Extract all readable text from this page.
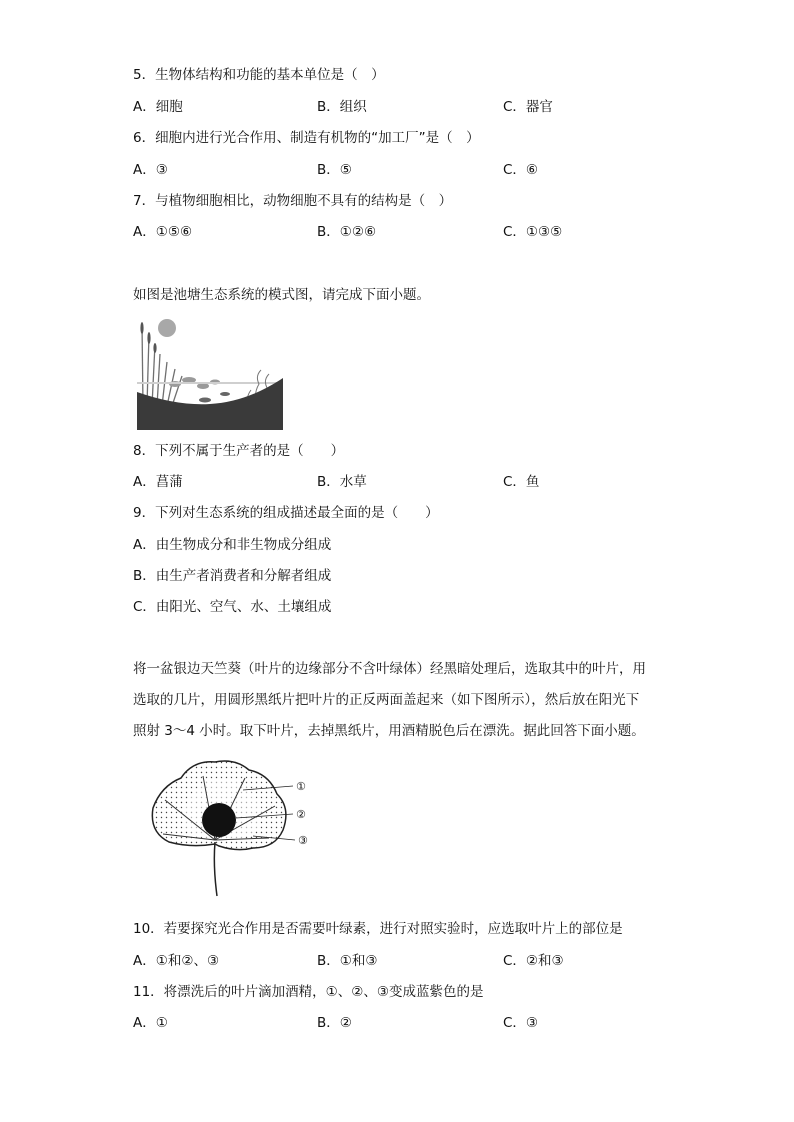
5．生物体结构和功能的基本单位是（　）
A．细胞	B．组织	C．器官
6．细胞内进行光合作用、制造有机物的“加工厂”是（　）
A．③	B．⑤	C．⑥
7．与植物细胞相比，动物细胞不具有的结构是（　）
A．①⑤⑥	B．①②⑥	C．①③⑤
如图是池塘生态系统的模式图，请完成下面小题。
8．下列不属于生产者的是（　　）
A．菖蒲	B．水草	C．鱼
9．下列对生态系统的组成描述最全面的是（　　）
A．由生物成分和非生物成分组成
B．由生产者消费者和分解者组成
C．由阳光、空气、水、土壤组成
将一盆银边天竺葵（叶片的边缘部分不含叶绿体）经黑暗处理后，选取其中的叶片，用
选取的几片，用圆形黑纸片把叶片的正反两面盖起来（如下图所示），然后放在阳光下
照射 3～4 小时。取下叶片，去掉黑纸片，用酒精脱色后在漂洗。据此回答下面小题。
①
②
③
10．若要探究光合作用是否需要叶绿素，进行对照实验时，应选取叶片上的部位是
A．①和②、③	B．①和③	C．②和③
11．将漂洗后的叶片滴加酒精，①、②、③变成蓝紫色的是
A．①	B．②	C．③
